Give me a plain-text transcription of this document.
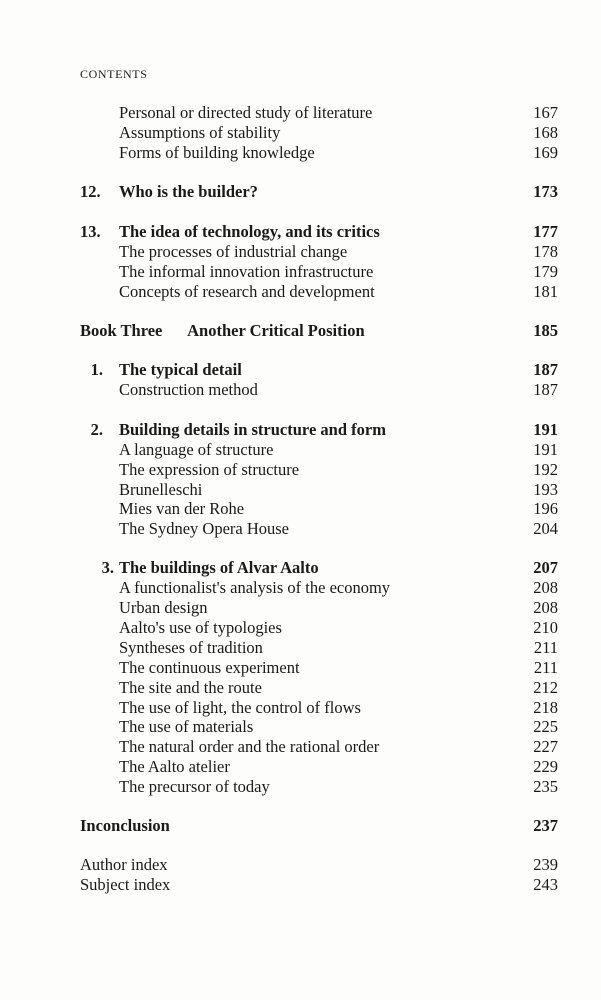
CONTENTS
Personal or directed study of literature	167
Assumptions of stability	168
Forms of building knowledge	169
12. Who is the builder?	173
13. The idea of technology, and its critics	177
The processes of industrial change	178
The informal innovation infrastructure	179
Concepts of research and development	181
Book Three  Another Critical Position	185
1. The typical detail	187
Construction method	187
2. Building details in structure and form	191
A language of structure	191
The expression of structure	192
Brunelleschi	193
Mies van der Rohe	196
The Sydney Opera House	204
3. The buildings of Alvar Aalto	207
A functionalist's analysis of the economy	208
Urban design	208
Aalto's use of typologies	210
Syntheses of tradition	211
The continuous experiment	211
The site and the route	212
The use of light, the control of flows	218
The use of materials	225
The natural order and the rational order	227
The Aalto atelier	229
The precursor of today	235
Inconclusion	237
Author index	239
Subject index	243
